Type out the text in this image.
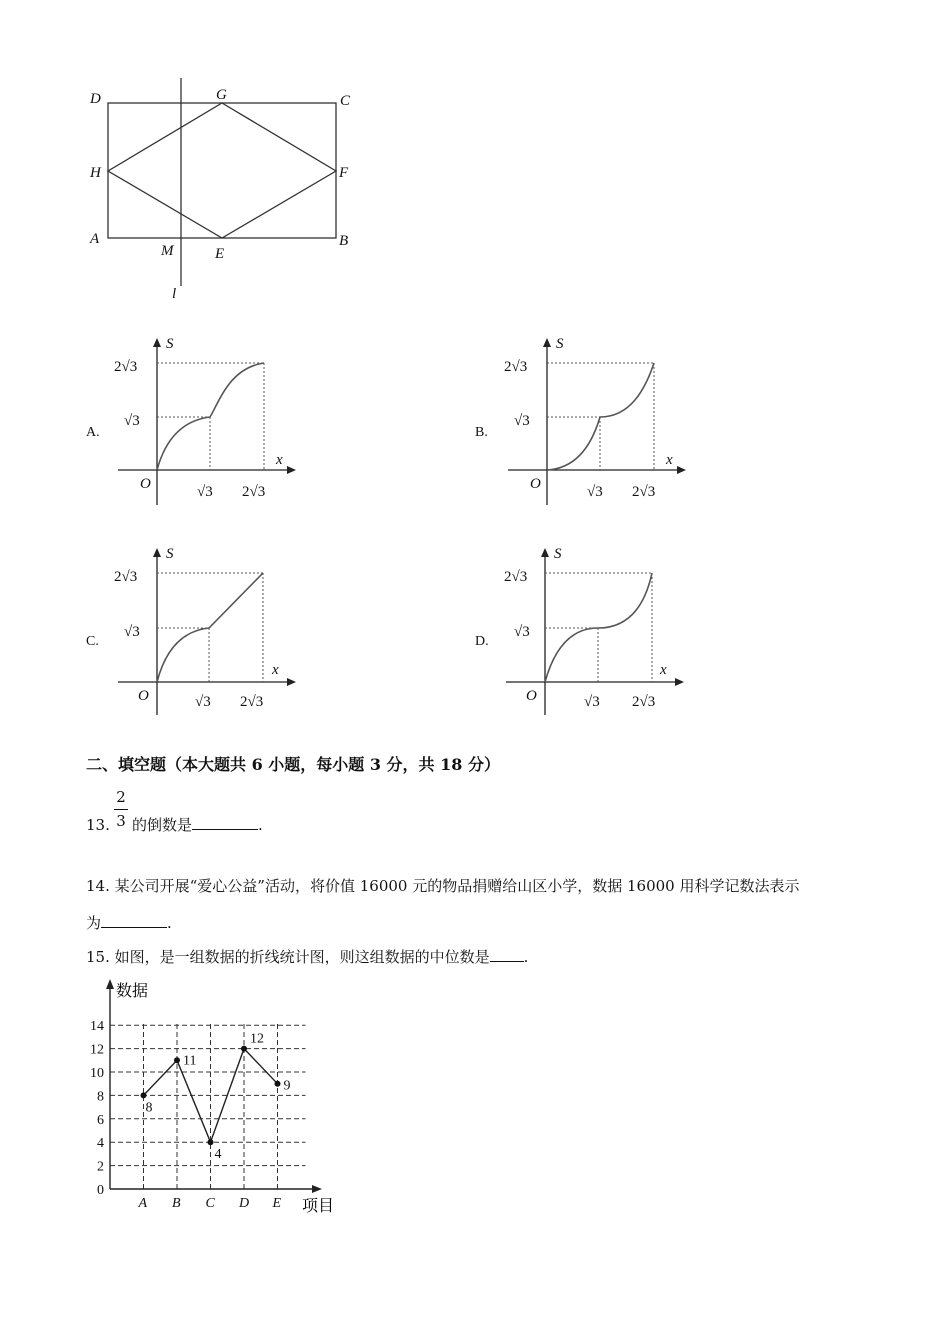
D	G	C
H	F
A
M	E
B
l
A.
S
x
O
2√3
√3
√3 2√3
B.
S
x
O
2√3
√3
√3 2√3
C.
S
x
O
2√3
√3
√3 2√3
D.
S
x
O
2√3
√3
√3 2√3
二、填空题（本大题共 6 小题，每小题 3 分，共 18 分）
13.
2
3 的倒数是	.
14. 某公司开展“爱心公益”活动，将价值 16000 元的物品捐赠给山区小学，数据 16000 用科学记数法表示
为	.
15. 如图，是一组数据的折线统计图，则这组数据的中位数是 .
0
2
4
6
8
10
12
14
A B C D E
8
11
4
12
9
数据
项目
